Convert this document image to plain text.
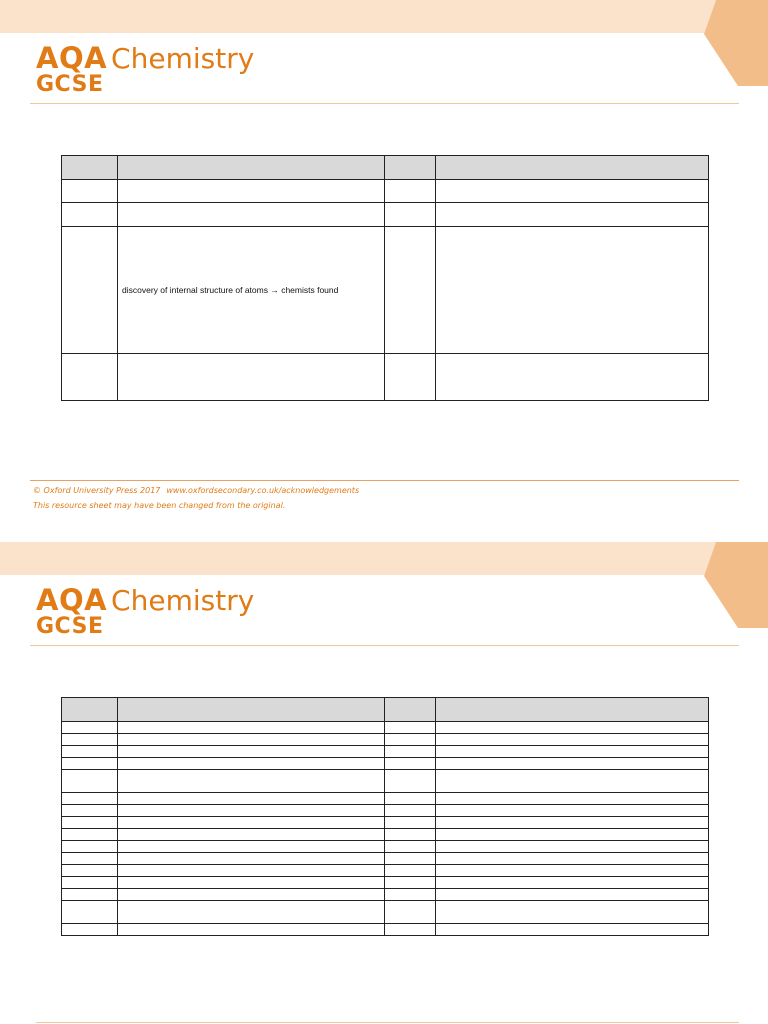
AQA Chemistry
GCSE

	discovery of internal structure of atoms → chemists found		

© Oxford University Press 2017 www.oxfordsecondary.co.uk/acknowledgements
This resource sheet may have been changed from the original.
AQA Chemistry
GCSE
